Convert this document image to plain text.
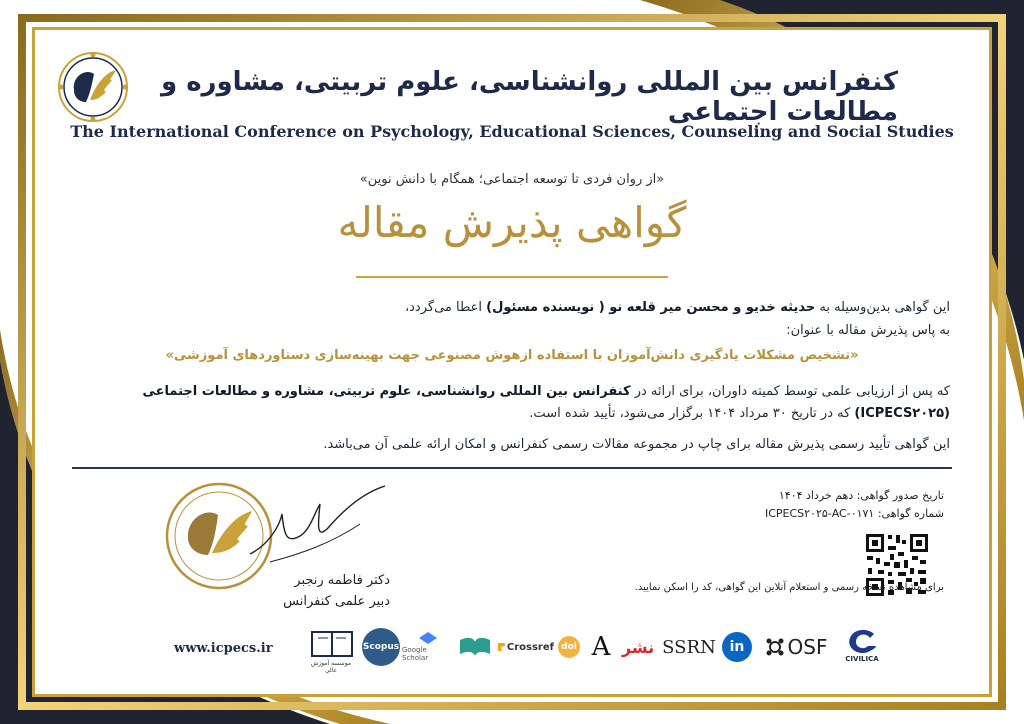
کنفرانس بین المللی روانشناسی، علوم تربیتی، مشاوره و مطالعات اجتماعی
The International Conference on Psychology, Educational Sciences, Counseling and Social Studies
«از روان فردی تا توسعه اجتماعی؛ همگام با دانش نوین»
گواهی پذیرش مقاله
این گواهی بدین‌وسیله به حدیثه خدیو و محسن میر قلعه نو ( نویسنده مسئول) اعطا می‌گردد،
به پاس پذیرش مقاله با عنوان:
«تشخیص مشکلات یادگیری دانش‌آموزان با استفاده ازهوش مصنوعی جهت بهینه‌سازی دستاوردهای آموزشی»
که پس از ارزیابی علمی توسط کمیته داوران، برای ارائه در کنفرانس بین المللی روانشناسی، علوم تربیتی، مشاوره و مطالعات اجتماعی
(ICPECS۲۰۲۵) که در تاریخ ۳۰ مرداد ۱۴۰۴ برگزار می‌شود، تأیید شده است.
این گواهی تأیید رسمی پذیرش مقاله برای چاپ در مجموعه مقالات رسمی کنفرانس و امکان ارائه علمی آن می‌باشد.
دکتر فاطمه رنجبر
دبیر علمی کنفرانس
تاریخ صدور گواهی: دهم خرداد ۱۴۰۴
شماره گواهی: ICPECS۲۰۲۵-AC-۰۱۷۱
برای مشاهده نسخه رسمی و استعلام آنلاین این گواهی، کد را اسکن نمایید.
www.icpecs.ir
موسسه آموزش عالی
Scopus Google Scholar
Crossref doi A نشر SSRN in OSF	CIVILICA
